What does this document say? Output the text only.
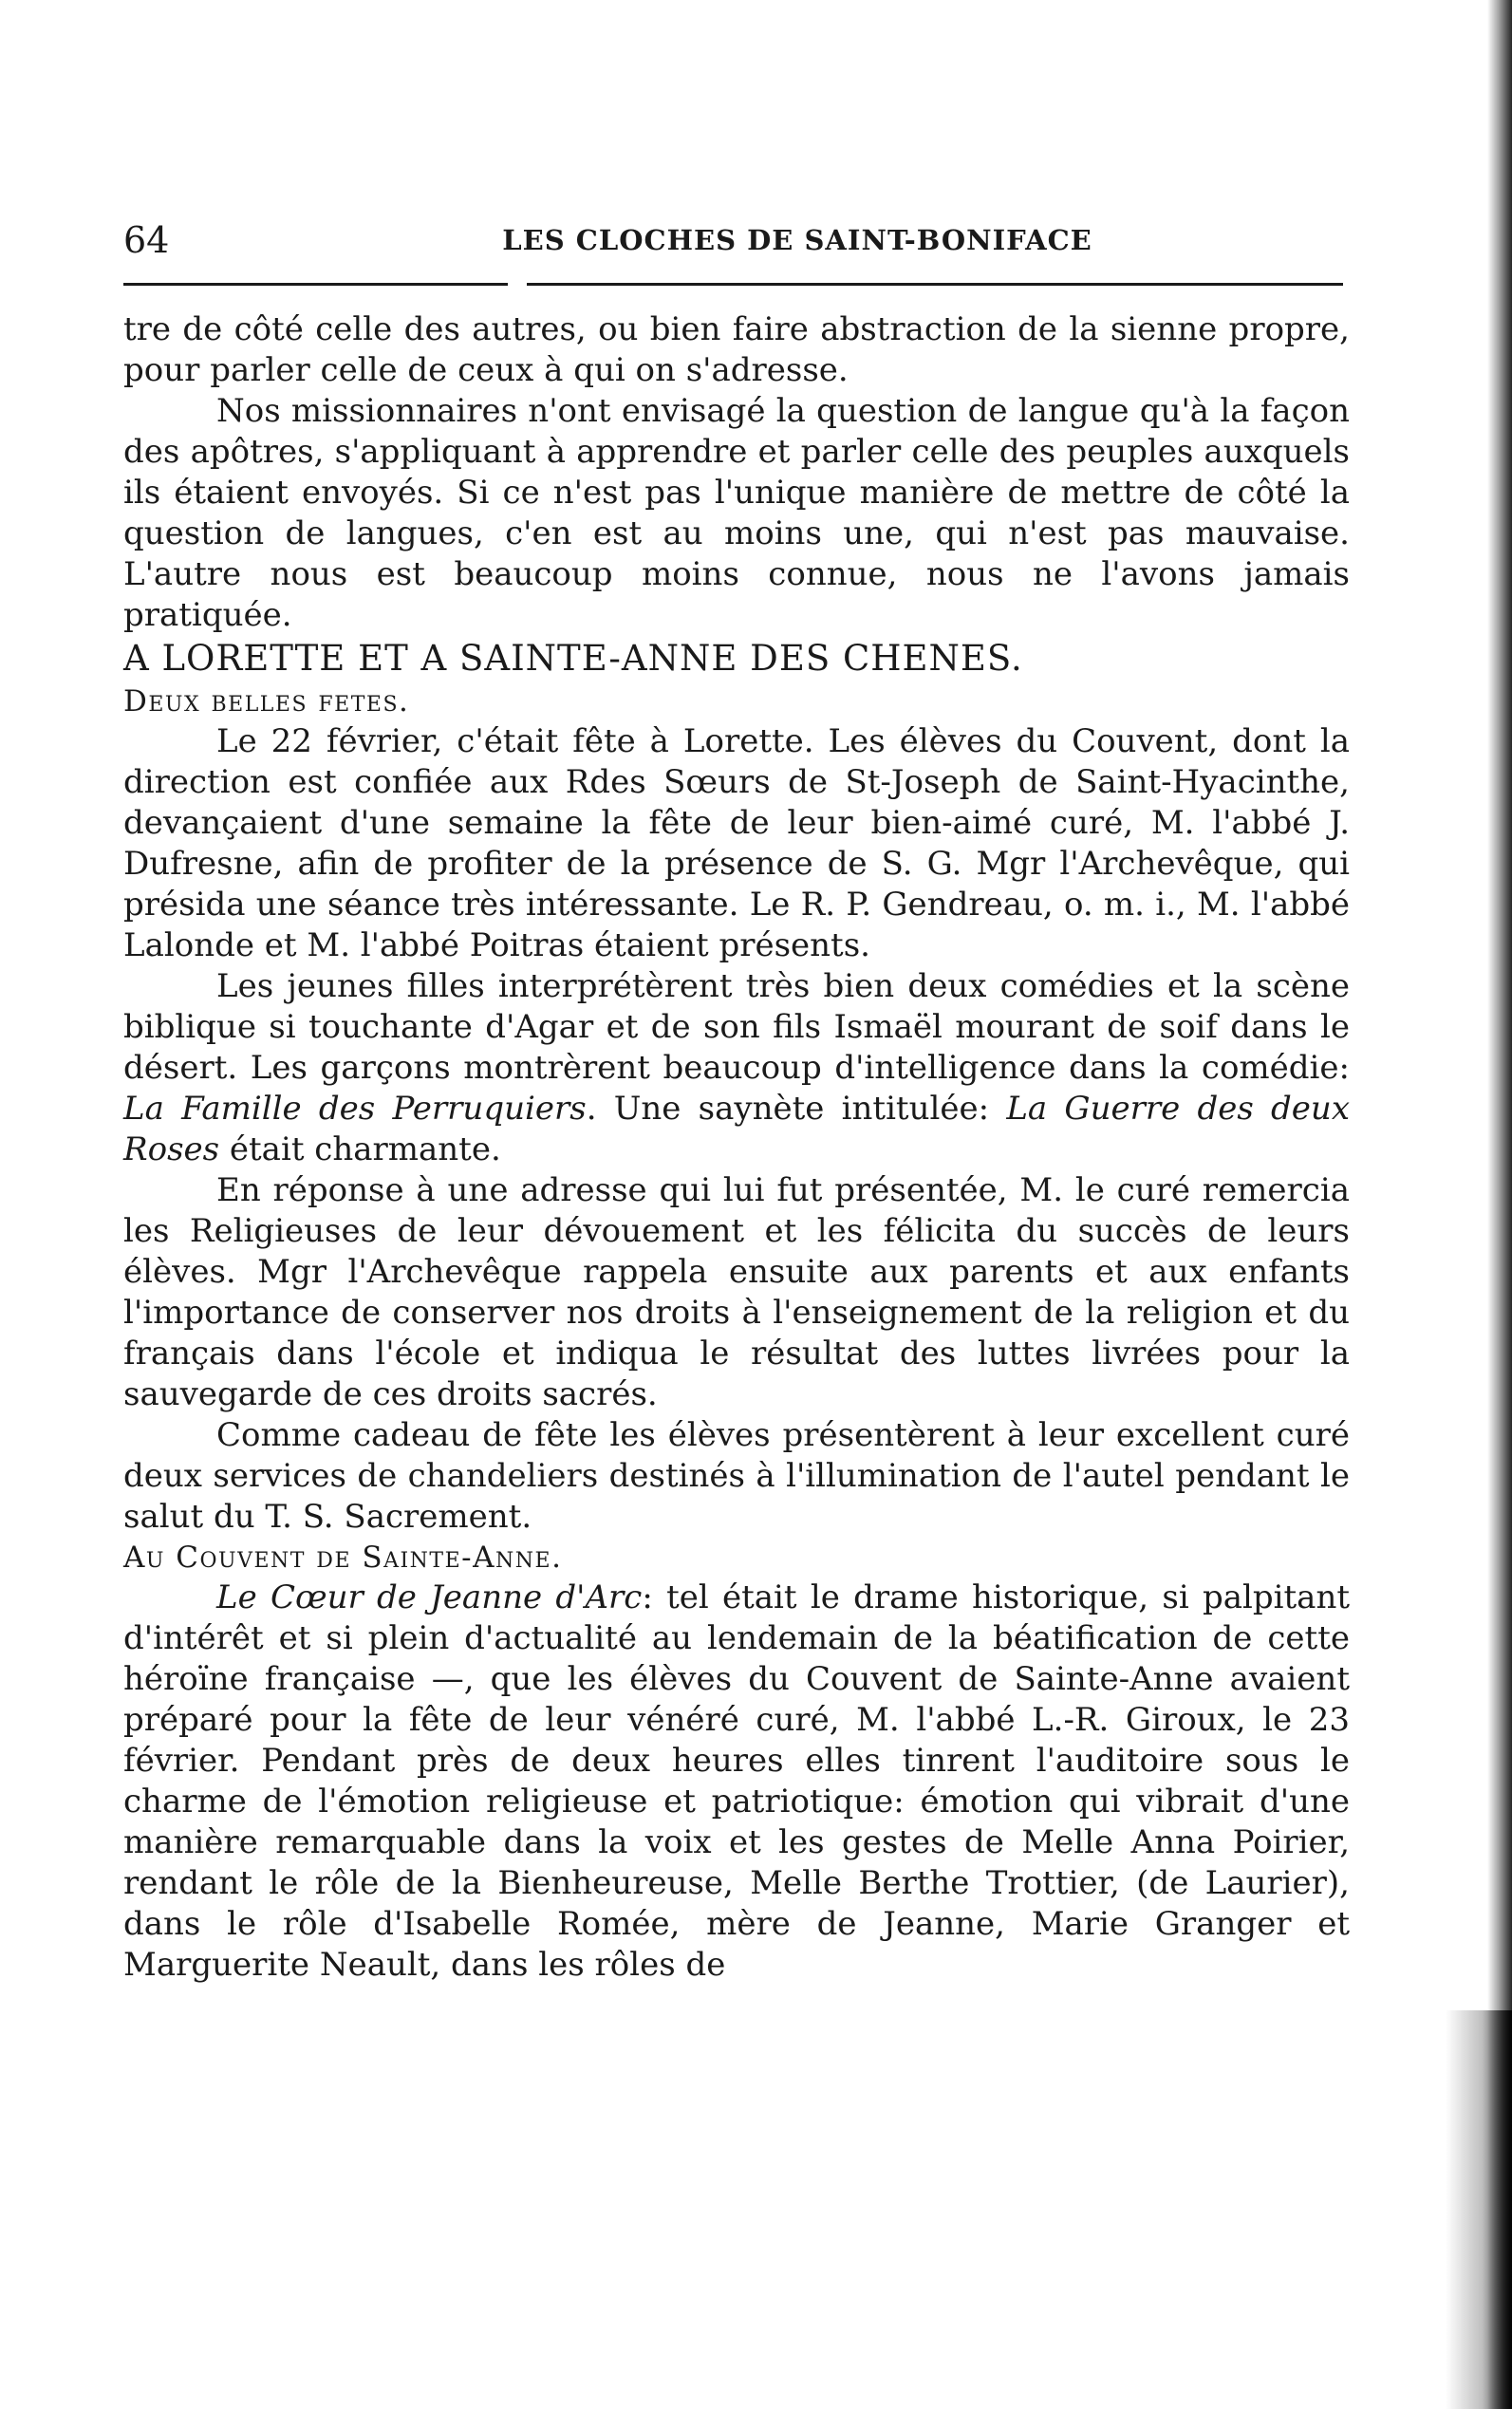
64	LES CLOCHES DE SAINT-BONIFACE

tre de côté celle des autres, ou bien faire abstraction de la sienne propre, pour parler celle de ceux à qui on s'adresse.

Nos missionnaires n'ont envisagé la question de langue qu'à la façon des apôtres, s'appliquant à apprendre et parler celle des peuples auxquels ils étaient envoyés. Si ce n'est pas l'unique manière de mettre de côté la question de langues, c'en est au moins une, qui n'est pas mauvaise. L'autre nous est beaucoup moins connue, nous ne l'avons jamais pratiquée.

A LORETTE ET A SAINTE-ANNE DES CHENES.

Deux belles fetes.

Le 22 février, c'était fête à Lorette. Les élèves du Couvent, dont la direction est confiée aux Rdes Sœurs de St-Joseph de Saint-Hyacinthe, devançaient d'une semaine la fête de leur bien-aimé curé, M. l'abbé J. Dufresne, afin de profiter de la présence de S. G. Mgr l'Archevêque, qui présida une séance très intéressante. Le R. P. Gendreau, o. m. i., M. l'abbé Lalonde et M. l'abbé Poitras étaient présents.

Les jeunes filles interprétèrent très bien deux comédies et la scène biblique si touchante d'Agar et de son fils Ismaël mourant de soif dans le désert. Les garçons montrèrent beaucoup d'intelligence dans la comédie: La Famille des Perruquiers. Une saynète intitulée: La Guerre des deux Roses était charmante.

En réponse à une adresse qui lui fut présentée, M. le curé remercia les Religieuses de leur dévouement et les félicita du succès de leurs élèves. Mgr l'Archevêque rappela ensuite aux parents et aux enfants l'importance de conserver nos droits à l'enseignement de la religion et du français dans l'école et indiqua le résultat des luttes livrées pour la sauvegarde de ces droits sacrés.

Comme cadeau de fête les élèves présentèrent à leur excellent curé deux services de chandeliers destinés à l'illumination de l'autel pendant le salut du T. S. Sacrement.

Au Couvent de Sainte-Anne.

Le Cœur de Jeanne d'Arc: tel était le drame historique, si palpitant d'intérêt et si plein d'actualité au lendemain de la béatification de cette héroïne française —, que les élèves du Couvent de Sainte-Anne avaient préparé pour la fête de leur vénéré curé, M. l'abbé L.-R. Giroux, le 23 février. Pendant près de deux heures elles tinrent l'auditoire sous le charme de l'émotion religieuse et patriotique: émotion qui vibrait d'une manière remarquable dans la voix et les gestes de Melle Anna Poirier, rendant le rôle de la Bienheureuse, Melle Berthe Trottier, (de Laurier), dans le rôle d'Isabelle Romée, mère de Jeanne, Marie Granger et Marguerite Neault, dans les rôles de
